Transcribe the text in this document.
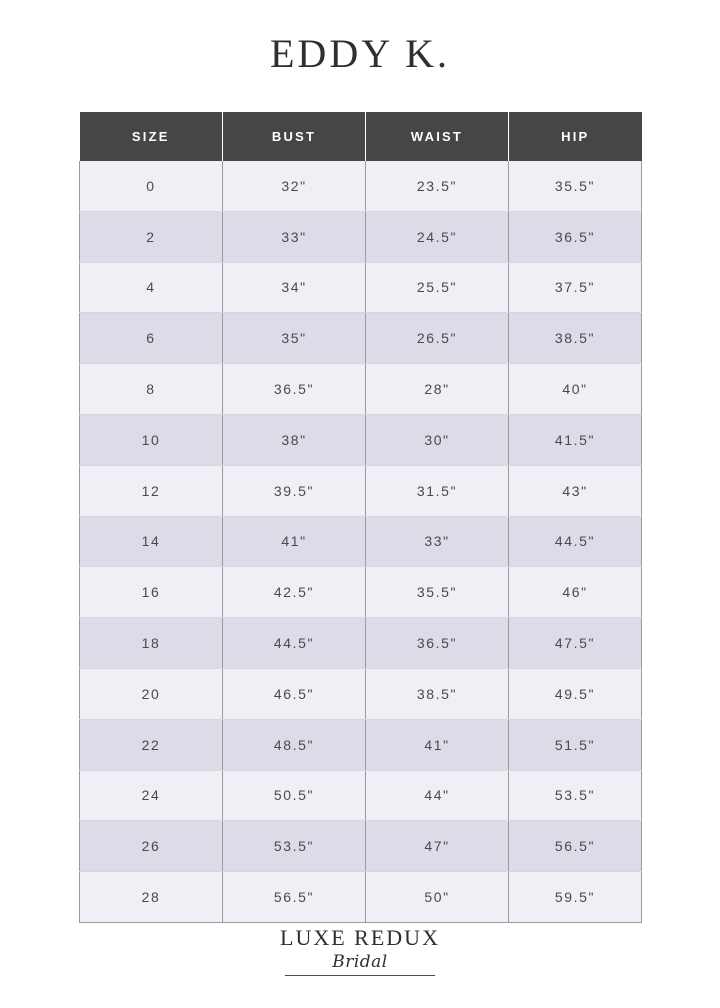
EDDY K.
SIZE	BUST	WAIST	HIP
0	32"	23.5"	35.5"
2	33"	24.5"	36.5"
4	34"	25.5"	37.5"
6	35"	26.5"	38.5"
8	36.5"	28"	40"
10	38"	30"	41.5"
12	39.5"	31.5"	43"
14	41"	33"	44.5"
16	42.5"	35.5"	46"
18	44.5"	36.5"	47.5"
20	46.5"	38.5"	49.5"
22	48.5"	41"	51.5"
24	50.5"	44"	53.5"
26	53.5"	47"	56.5"
28	56.5"	50"	59.5"
LUXE REDUX
Bridal
